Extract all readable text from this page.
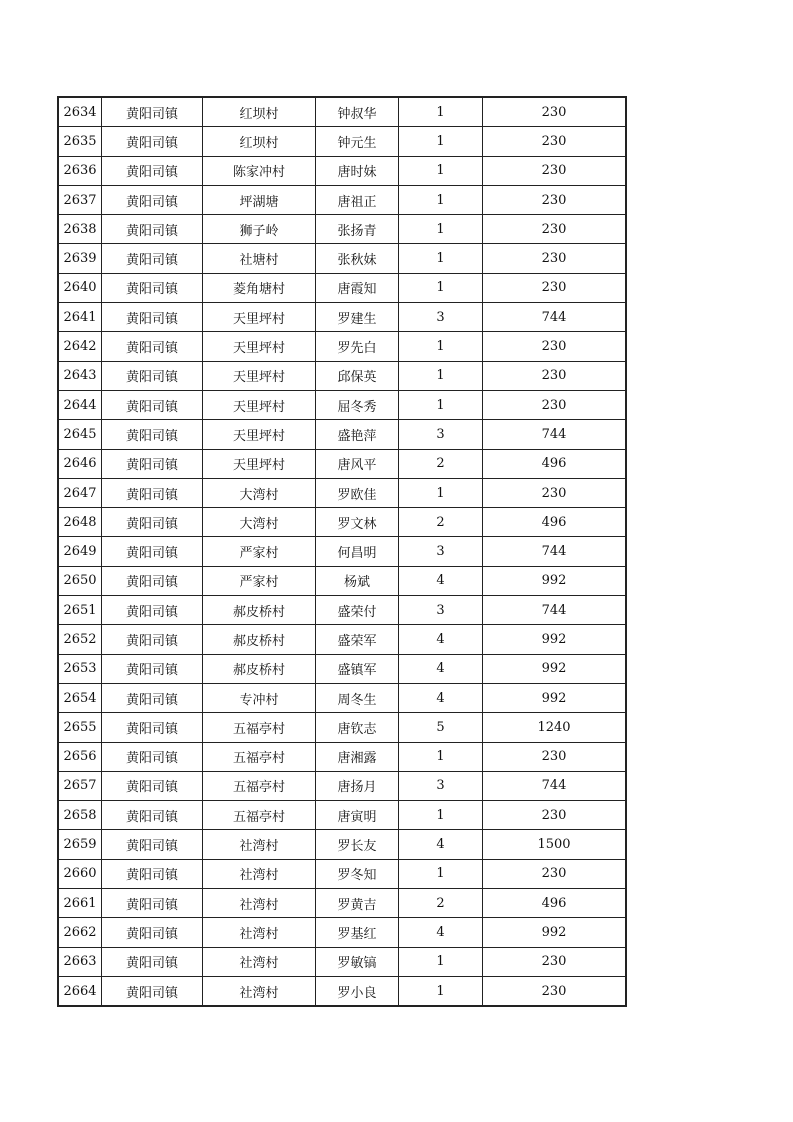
2634	黄阳司镇	红坝村	钟叔华	1	230
2635	黄阳司镇	红坝村	钟元生	1	230
2636	黄阳司镇	陈家冲村	唐时妹	1	230
2637	黄阳司镇	坪湖塘	唐祖正	1	230
2638	黄阳司镇	狮子岭	张扬青	1	230
2639	黄阳司镇	社塘村	张秋妹	1	230
2640	黄阳司镇	菱角塘村	唐霞知	1	230
2641	黄阳司镇	天里坪村	罗建生	3	744
2642	黄阳司镇	天里坪村	罗先白	1	230
2643	黄阳司镇	天里坪村	邱保英	1	230
2644	黄阳司镇	天里坪村	屈冬秀	1	230
2645	黄阳司镇	天里坪村	盛艳萍	3	744
2646	黄阳司镇	天里坪村	唐风平	2	496
2647	黄阳司镇	大湾村	罗欧佳	1	230
2648	黄阳司镇	大湾村	罗文林	2	496
2649	黄阳司镇	严家村	何昌明	3	744
2650	黄阳司镇	严家村	杨斌	4	992
2651	黄阳司镇	郝皮桥村	盛荣付	3	744
2652	黄阳司镇	郝皮桥村	盛荣军	4	992
2653	黄阳司镇	郝皮桥村	盛镇军	4	992
2654	黄阳司镇	专冲村	周冬生	4	992
2655	黄阳司镇	五福亭村	唐钦志	5	1240
2656	黄阳司镇	五福亭村	唐湘露	1	230
2657	黄阳司镇	五福亭村	唐扬月	3	744
2658	黄阳司镇	五福亭村	唐寅明	1	230
2659	黄阳司镇	社湾村	罗长友	4	1500
2660	黄阳司镇	社湾村	罗冬知	1	230
2661	黄阳司镇	社湾村	罗黄吉	2	496
2662	黄阳司镇	社湾村	罗基红	4	992
2663	黄阳司镇	社湾村	罗敏镐	1	230
2664	黄阳司镇	社湾村	罗小良	1	230
